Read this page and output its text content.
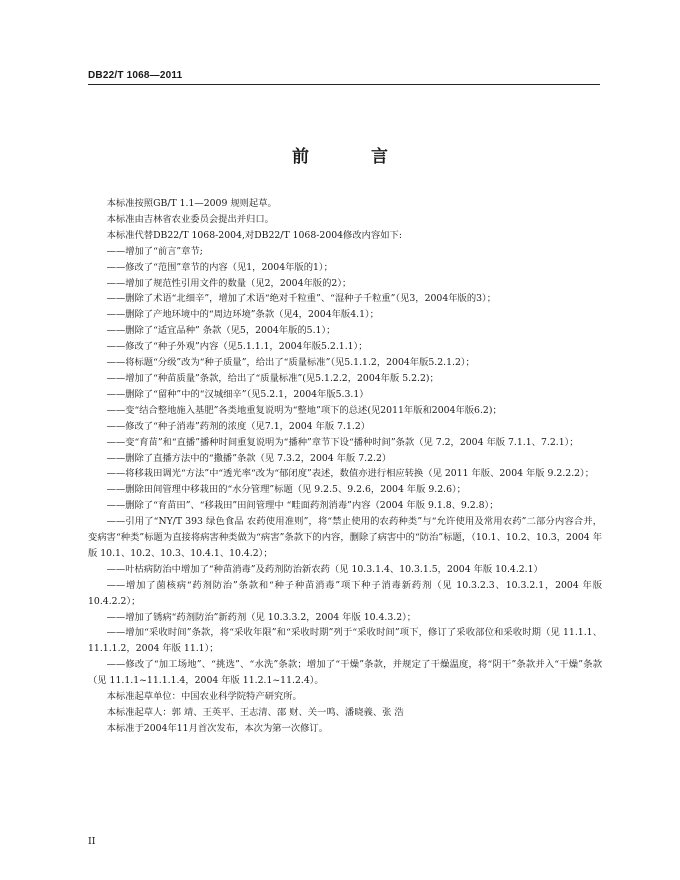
DB22/T 1068—2011
前 言

本标准按照GB/T 1.1—2009 规则起草。

本标准由吉林省农业委员会提出并归口。

本标准代替DB22/T 1068-2004,对DB22/T 1068-2004修改内容如下:

——增加了“前言”章节;

——修改了“范围”章节的内容（见1，2004年版的1）；

——增加了规范性引用文件的数量（见2，2004年版的2）；

——删除了术语“北细辛”，增加了术语“绝对千粒重”、“湿种子千粒重”（见3，2004年版的3）；

——删除了产地环境中的“周边环境”条款（见4，2004年版4.1）；

——删除了“适宜品种” 条款（见5，2004年版的5.1）；

——修改了“种子外观”内容（见5.1.1.1，2004年版5.2.1.1）；

——将标题“分级”改为“种子质量”，给出了“质量标准”（见5.1.1.2，2004年版5.2.1.2）；

——增加了“种苗质量”条款，给出了“质量标准”(见5.1.2.2，2004年版 5.2.2)；

——删除了“留种”中的“汉城细辛”（见5.2.1，2004年版5.3.1）

——变“结合整地施入基肥”各类地重复说明为“整地”项下的总述(见2011年版和2004年版6.2)；

——修改了“种子消毒”药剂的浓度（见7.1，2004 年版 7.1.2）

——变“育苗”和“直播”播种时间重复说明为“播种”章节下设“播种时间”条款（见 7.2，2004 年版 7.1.1、7.2.1）；

——删除了直播方法中的“撒播”条款（见 7.3.2，2004 年版 7.2.2）

——将移栽田调光“方法”中“透光率“改为“郁闭度”表述，数值亦进行相应转换（见 2011 年版、2004 年版 9.2.2.2）；

——删除田间管理中移栽田的“水分管理”标题（见 9.2.5、9.2.6，2004 年版 9.2.6）；

——删除了“育苗田”、“移栽田”田间管理中 “畦面药剂消毒”内容（2004 年版 9.1.8、9.2.8）；

——引用了“NY/T 393 绿色食品 农药使用准则”，将“禁止使用的农药种类”与“允许使用及常用农药”二部分内容合并，变病害“种类”标题为直接将病害种类做为“病害”条款下的内容，删除了病害中的“防治”标题，（10.1、10.2、10.3，2004 年版 10.1、10.2、10.3、10.4.1、10.4.2）；

——叶枯病防治中增加了“种苗消毒”及药剂防治新农药（见 10.3.1.4、10.3.1.5，2004 年版 10.4.2.1）

——增加了菌核病“药剂防治”条款和“种子种苗消毒”项下种子消毒新药剂（见 10.3.2.3、10.3.2.1，2004 年版 10.4.2.2）；

——增加了锈病“药剂防治”新药剂（见 10.3.3.2，2004 年版 10.4.3.2）；

——增加“采收时间”条款，将“采收年限”和“采收时期”列于“采收时间”项下，修订了采收部位和采收时期（见 11.1.1、11.1.1.2，2004 年版 11.1）；

——修改了“加工场地”、“挑选”、“水洗”条款；增加了“干燥”条款，并规定了干燥温度，将“阴干”条款并入“干燥”条款（见 11.1.1~11.1.1.4，2004 年版 11.2.1~11.2.4）。

本标准起草单位：中国农业科学院特产研究所。

本标准起草人：郭 靖、王英平、王志清、邵 财、关一鸣、潘晓義、张 浩

本标准于2004年11月首次发布，本次为第一次修订。

II
